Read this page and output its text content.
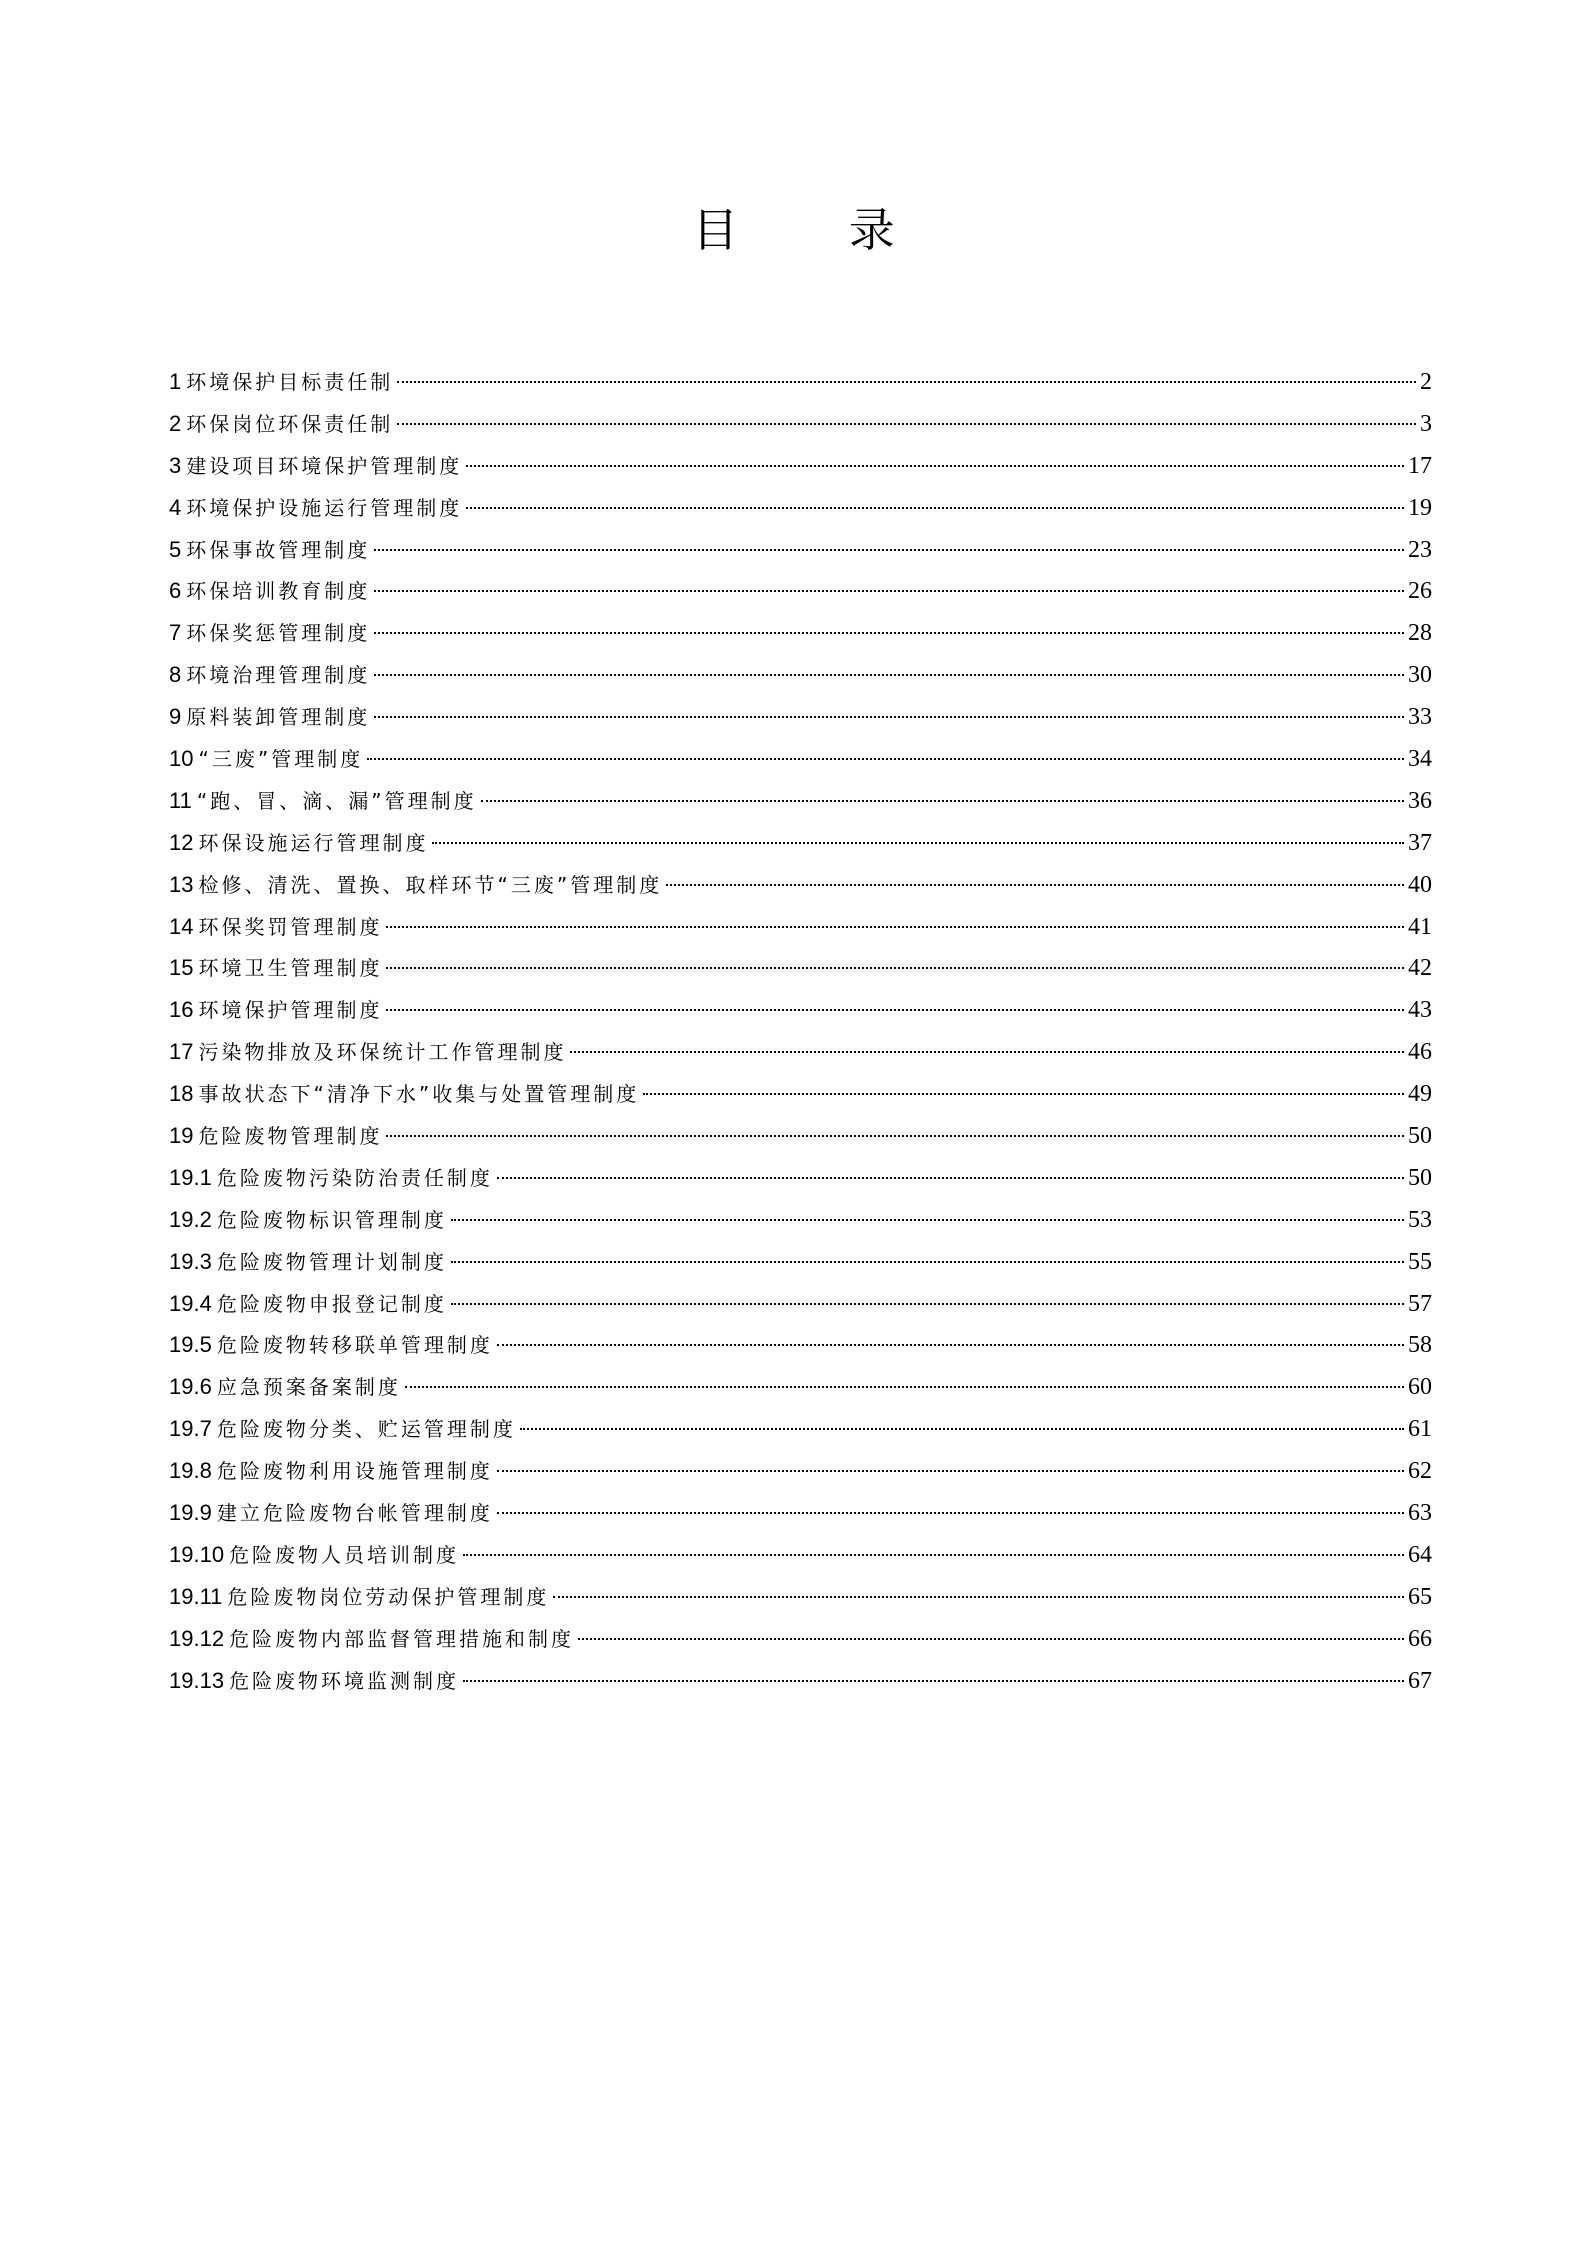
目 录
1 环境保护目标责任制	2
2 环保岗位环保责任制	3
3 建设项目环境保护管理制度	17
4 环境保护设施运行管理制度	19
5 环保事故管理制度	23
6 环保培训教育制度	26
7 环保奖惩管理制度	28
8 环境治理管理制度	30
9 原料装卸管理制度	33
10 “三废”管理制度	34
11 “跑、冒、滴、漏”管理制度	36
12 环保设施运行管理制度	37
13 检修、清洗、置换、取样环节“三废”管理制度	40
14 环保奖罚管理制度	41
15 环境卫生管理制度	42
16 环境保护管理制度	43
17 污染物排放及环保统计工作管理制度	46
18 事故状态下“清净下水”收集与处置管理制度	49
19 危险废物管理制度	50
19.1 危险废物污染防治责任制度	50
19.2 危险废物标识管理制度	53
19.3 危险废物管理计划制度	55
19.4 危险废物申报登记制度	57
19.5 危险废物转移联单管理制度	58
19.6 应急预案备案制度	60
19.7 危险废物分类、贮运管理制度	61
19.8 危险废物利用设施管理制度	62
19.9 建立危险废物台帐管理制度	63
19.10 危险废物人员培训制度	64
19.11 危险废物岗位劳动保护管理制度	65
19.12 危险废物内部监督管理措施和制度	66
19.13 危险废物环境监测制度	67
